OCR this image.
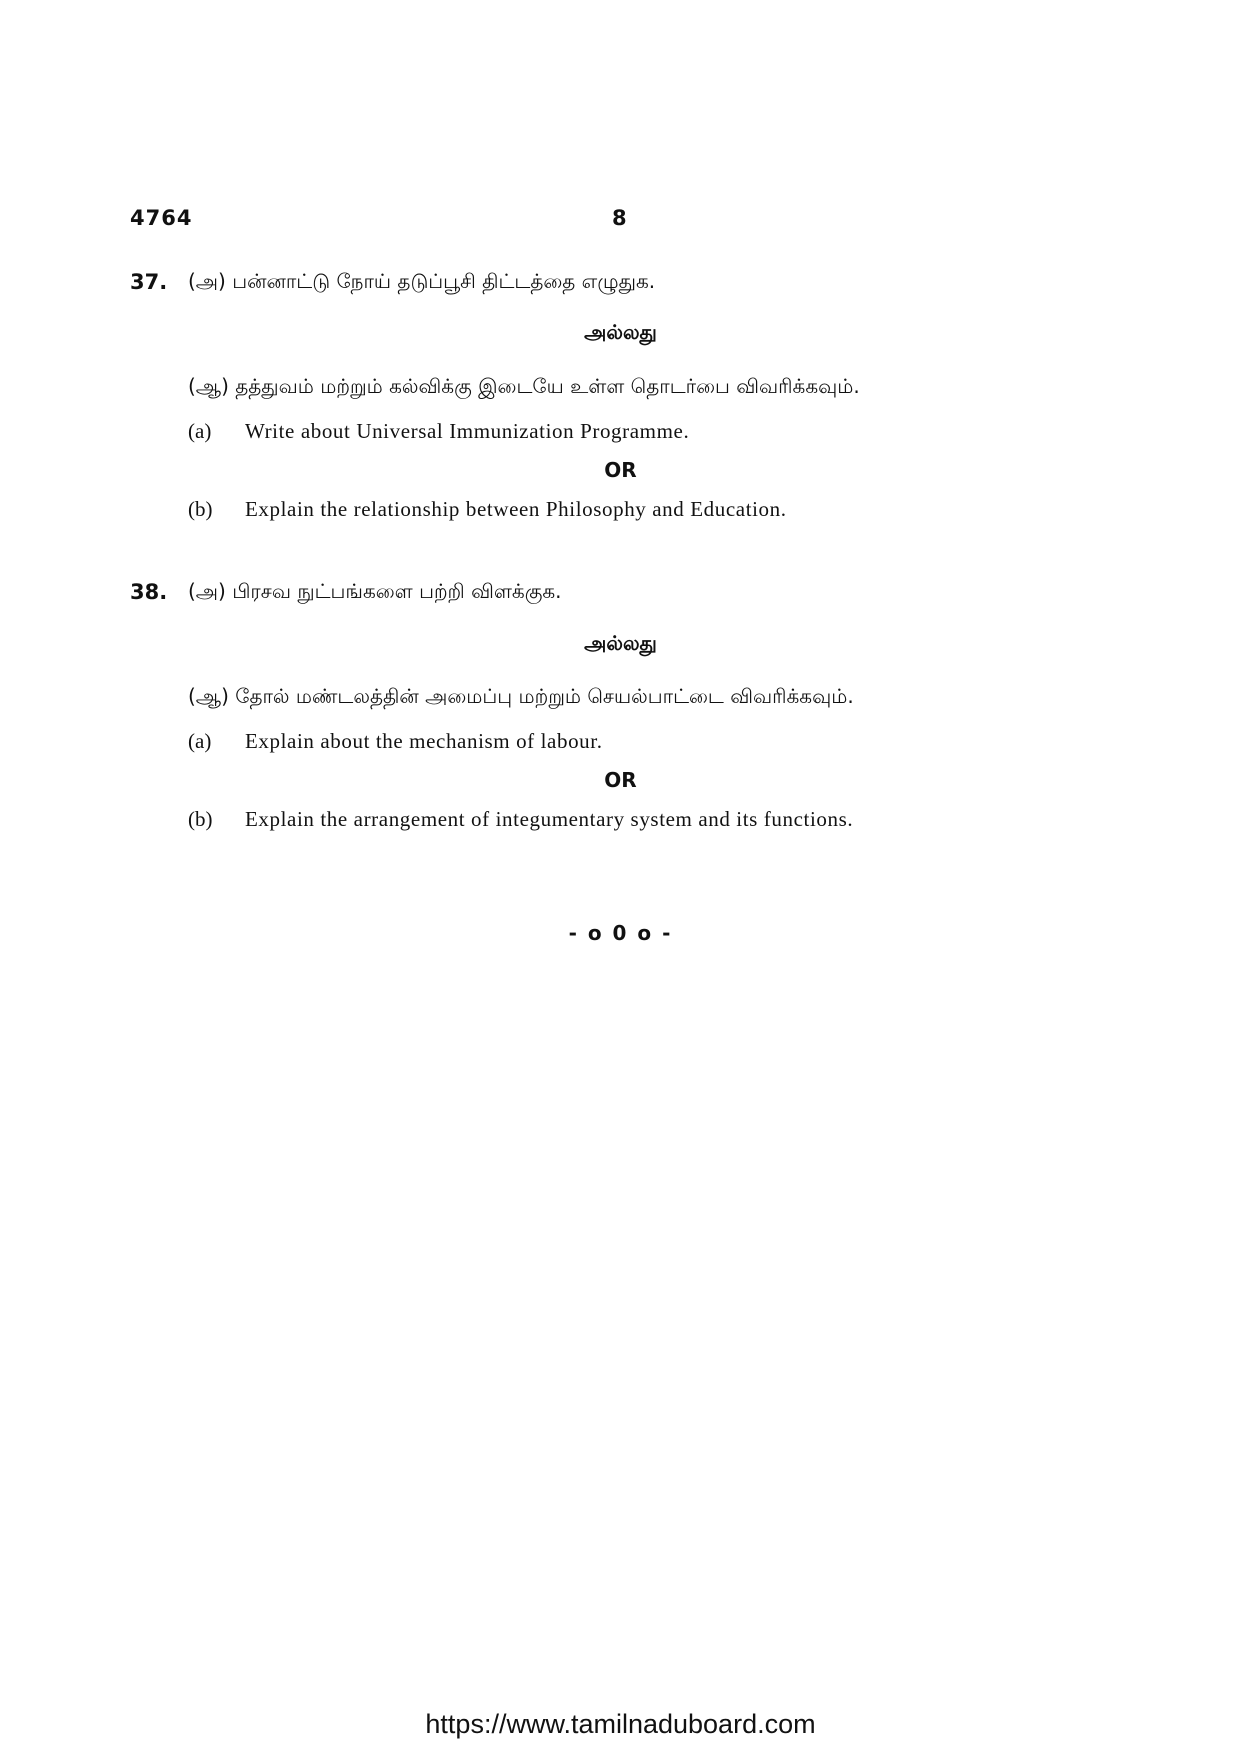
4764	8
37. (அ) பன்னாட்டு நோய் தடுப்பூசி திட்டத்தை எழுதுக.
அல்லது
(ஆ) தத்துவம் மற்றும் கல்விக்கு இடையே உள்ள தொடர்பை விவரிக்கவும்.
(a) Write about Universal Immunization Programme.
OR
(b) Explain the relationship between Philosophy and Education.
38. (அ) பிரசவ நுட்பங்களை பற்றி விளக்குக.
அல்லது
(ஆ) தோல் மண்டலத்தின் அமைப்பு மற்றும் செயல்பாட்டை விவரிக்கவும்.
(a) Explain about the mechanism of labour.
OR
(b) Explain the arrangement of integumentary system and its functions.
- o 0 o -
https://www.tamilnaduboard.com
